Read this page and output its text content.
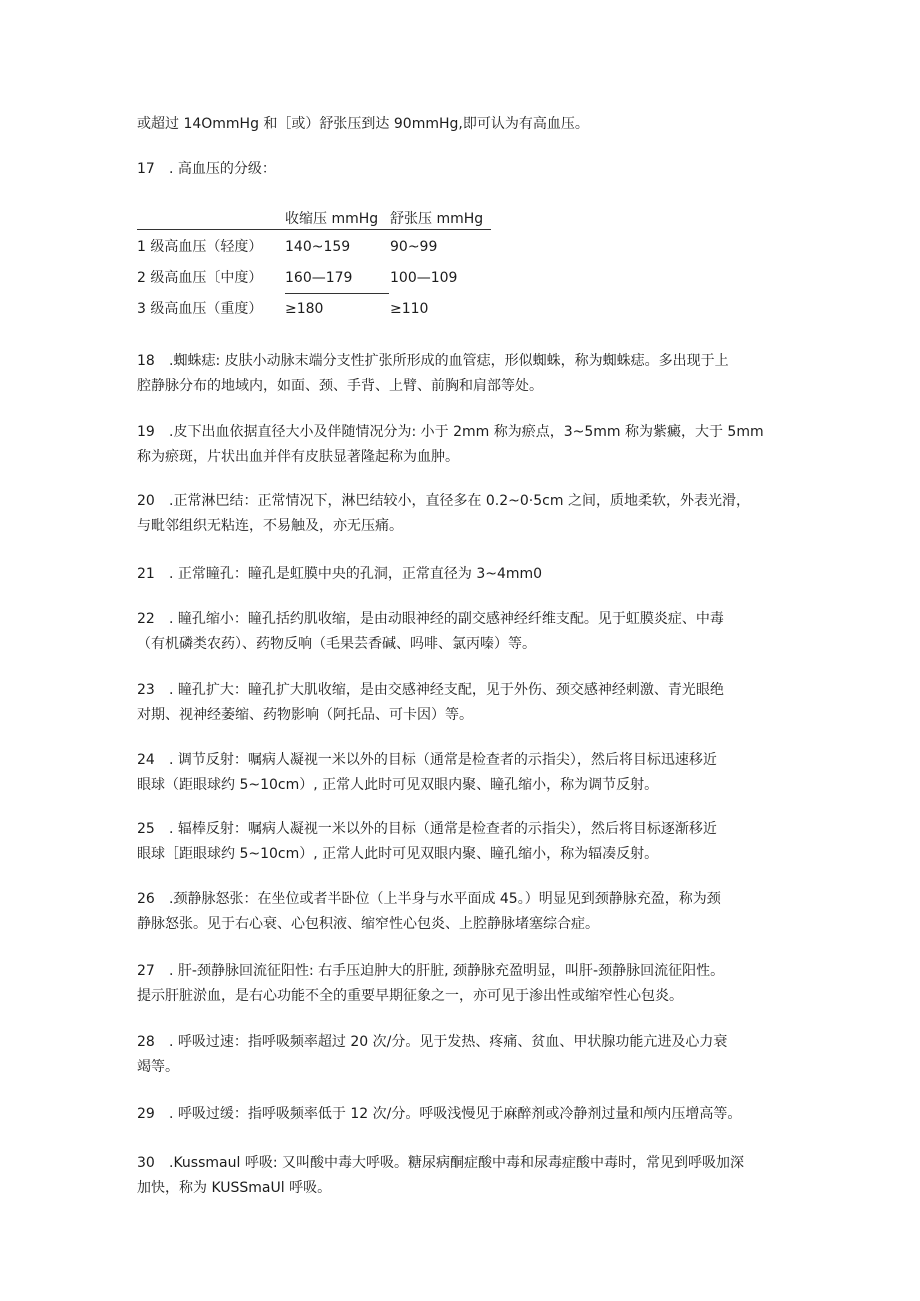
或超过 14OmmHg 和［或）舒张压到达 90mmHg,即可认为有高血压。
17 . 高血压的分级：
收缩压 mmHg 舒张压 mmHg
1 级高血压（轻度） 140~159	90~99
2 级高血压〔中度） 160—179	100—109
3 级高血压（重度） ≥180	≥110
18 .蜘蛛痣: 皮肤小动脉末端分支性扩张所形成的血管痣，形似蜘蛛，称为蜘蛛痣。多出现于上
腔静脉分布的地域内，如面、颈、手背、上臂、前胸和肩部等处。
19 .皮下出血依据直径大小及伴随情况分为: 小于 2mm 称为瘀点，3~5mm 称为紫癜，大于 5mm
称为瘀斑，片状出血并伴有皮肤显著隆起称为血肿。
20 .正常淋巴结：正常情况下，淋巴结较小，直径多在 0.2~0·5cm 之间，质地柔软，外表光滑，
与毗邻组织无粘连，不易触及，亦无压痛。
21 . 正常瞳孔：瞳孔是虹膜中央的孔洞，正常直径为 3~4mm0
22 . 瞳孔缩小：瞳孔括约肌收缩，是由动眼神经的副交感神经纤维支配。见于虹膜炎症、中毒
（有机磷类农药）、药物反响（毛果芸香碱、吗啡、氯丙嗪）等。
23 . 瞳孔扩大：瞳孔扩大肌收缩，是由交感神经支配，见于外伤、颈交感神经刺激、青光眼绝
对期、视神经萎缩、药物影响（阿托品、可卡因）等。
24 . 调节反射：嘱病人凝视一米以外的目标（通常是检查者的示指尖），然后将目标迅速移近
眼球（距眼球约 5~10cm）, 正常人此时可见双眼内聚、瞳孔缩小，称为调节反射。
25 . 辐棒反射：嘱病人凝视一米以外的目标（通常是检查者的示指尖），然后将目标逐渐移近
眼球［距眼球约 5~10cm）, 正常人此时可见双眼内聚、瞳孔缩小，称为辐凑反射。
26 .颈静脉怒张：在坐位或者半卧位（上半身与水平面成 45。）明显见到颈静脉充盈，称为颈
静脉怒张。见于右心衰、心包积液、缩窄性心包炎、上腔静脉堵塞综合症。
27 . 肝-颈静脉回流征阳性: 右手压迫肿大的肝脏, 颈静脉充盈明显，叫肝-颈静脉回流征阳性。
提示肝脏淤血，是右心功能不全的重要早期征象之一，亦可见于渗出性或缩窄性心包炎。
28 . 呼吸过速：指呼吸频率超过 20 次/分。见于发热、疼痛、贫血、甲状腺功能亢进及心力衰
竭等。
29 . 呼吸过缓：指呼吸频率低于 12 次/分。呼吸浅慢见于麻醉剂或冷静剂过量和颅内压增高等。
30 .Kussmaul 呼吸: 又叫酸中毒大呼吸。糖尿病酮症酸中毒和尿毒症酸中毒时，常见到呼吸加深
加快，称为 KUSSmaUl 呼吸。
